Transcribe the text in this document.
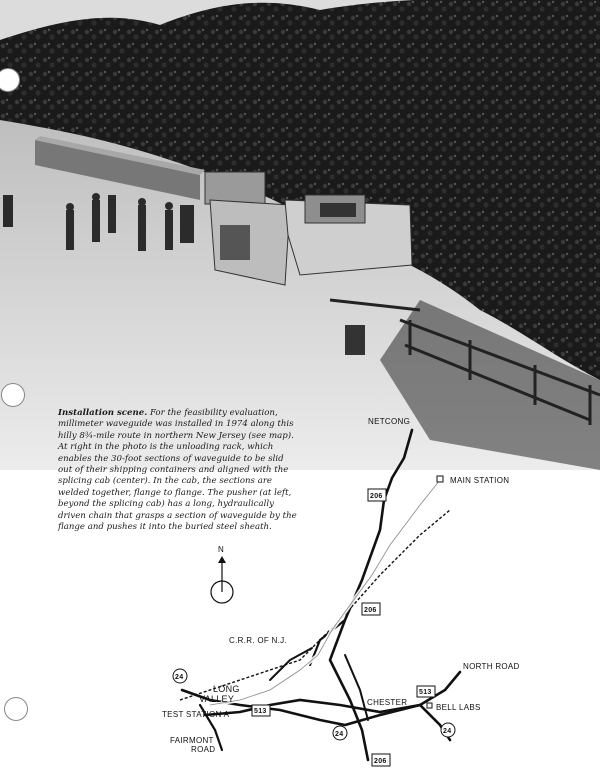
Installation scene. For the feasibility evaluation, millimeter waveguide was installed in 1974 along this hilly 8¾-mile route in northern New Jersey (see map). At right in the photo is the unloading rack, which enables the 30-foot sections of waveguide to be slid out of their shipping containers and aligned with the splicing cab (center). In the cab, the sections are welded together, flange to flange. The pusher (at left, beyond the splicing cab) has a long, hydraulically driven chain that grasps a section of waveguide by the flange and pushes it into the buried steel sheath.

N
206
206
206
24
24	24
513
513
NETCONG
MAIN STATION
C.R.R. OF N.J.
NORTH ROAD
LONG
VALLEY
TEST STATION A
CHESTER
BELL LABS
FAIRMONT
ROAD
